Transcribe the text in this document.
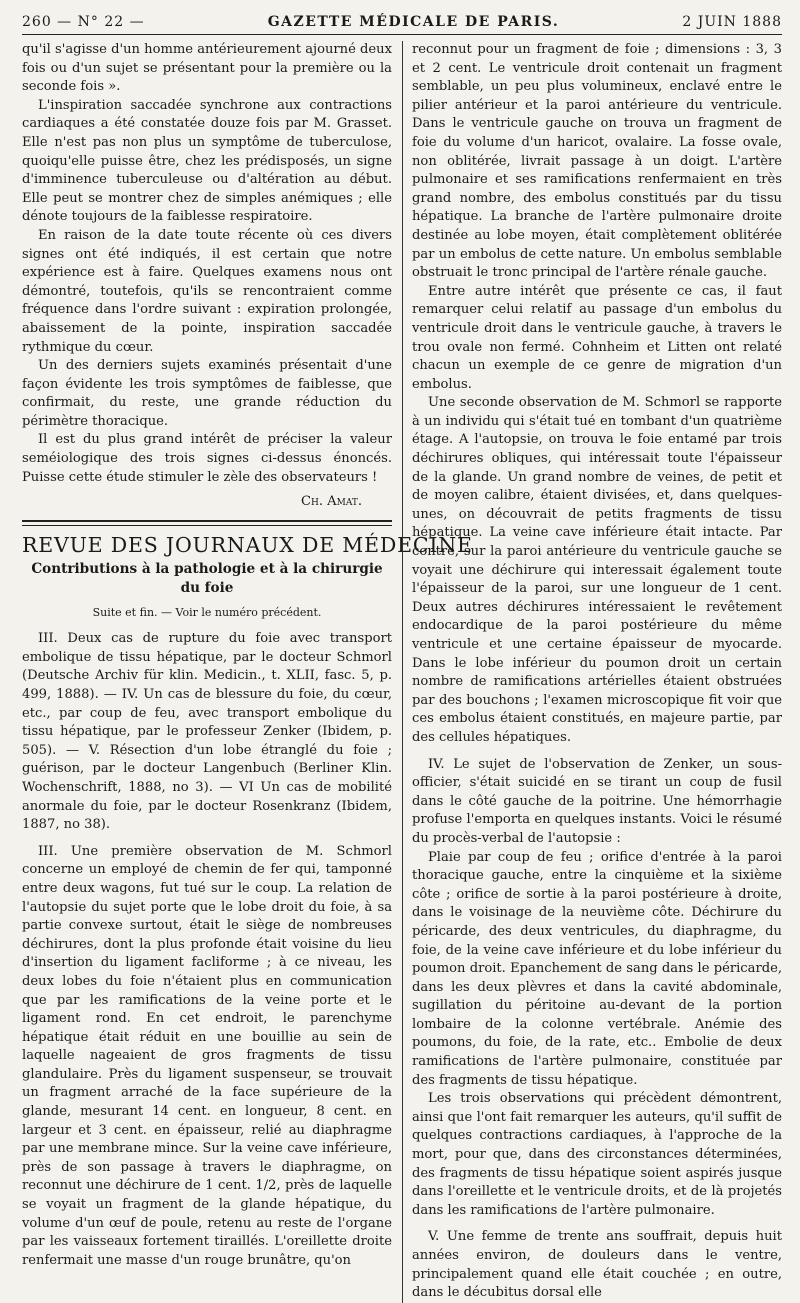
260 — N° 22 —	GAZETTE MÉDICALE DE PARIS.	2 JUIN 1888

qu'il s'agisse d'un homme antérieurement ajourné deux fois ou d'un sujet se présentant pour la première ou la seconde fois ».

L'inspiration saccadée synchrone aux contractions cardiaques a été constatée douze fois par M. Grasset. Elle n'est pas non plus un symptôme de tuberculose, quoiqu'elle puisse être, chez les prédisposés, un signe d'imminence tuberculeuse ou d'altération au début. Elle peut se montrer chez de simples anémiques ; elle dénote toujours de la faiblesse respiratoire.

En raison de la date toute récente où ces divers signes ont été indiqués, il est certain que notre expérience est à faire. Quelques examens nous ont démontré, toutefois, qu'ils se rencontraient comme fréquence dans l'ordre suivant : expiration prolongée, abaissement de la pointe, inspiration saccadée rythmique du cœur.

Un des derniers sujets examinés présentait d'une façon évidente les trois symptômes de faiblesse, que confirmait, du reste, une grande réduction du périmètre thoracique.

Il est du plus grand intérêt de préciser la valeur seméiologique des trois signes ci-dessus énoncés. Puisse cette étude stimuler le zèle des observateurs !

Ch. Amat.
REVUE DES JOURNAUX DE MÉDECINE
Contributions à la pathologie et à la chirurgie du foie
Suite et fin. — Voir le numéro précédent.

III. Deux cas de rupture du foie avec transport embolique de tissu hépatique, par le docteur Schmorl (Deutsche Archiv für klin. Medicin., t. XLII, fasc. 5, p. 499, 1888). — IV. Un cas de blessure du foie, du cœur, etc., par coup de feu, avec transport embolique du tissu hépatique, par le professeur Zenker (Ibidem, p. 505). — V. Résection d'un lobe étranglé du foie ; guérison, par le docteur Langenbuch (Berliner Klin. Wochenschrift, 1888, no 3). — VI Un cas de mobilité anormale du foie, par le docteur Rosenkranz (Ibidem, 1887, no 38).

III. Une première observation de M. Schmorl concerne un employé de chemin de fer qui, tamponné entre deux wagons, fut tué sur le coup. La relation de l'autopsie du sujet porte que le lobe droit du foie, à sa partie convexe surtout, était le siège de nombreuses déchirures, dont la plus profonde était voisine du lieu d'insertion du ligament facliforme ; à ce niveau, les deux lobes du foie n'étaient plus en communication que par les ramifications de la veine porte et le ligament rond. En cet endroit, le parenchyme hépatique était réduit en une bouillie au sein de laquelle nageaient de gros fragments de tissu glandulaire. Près du ligament suspenseur, se trouvait un fragment arraché de la face supérieure de la glande, mesurant 14 cent. en longueur, 8 cent. en largeur et 3 cent. en épaisseur, relié au diaphragme par une membrane mince. Sur la veine cave inférieure, près de son passage à travers le diaphragme, on reconnut une déchirure de 1 cent. 1/2, près de laquelle se voyait un fragment de la glande hépatique, du volume d'un œuf de poule, retenu au reste de l'organe par les vaisseaux fortement tiraillés. L'oreillette droite renfermait une masse d'un rouge brunâtre, qu'on

reconnut pour un fragment de foie ; dimensions : 3, 3 et 2 cent. Le ventricule droit contenait un fragment semblable, un peu plus volumineux, enclavé entre le pilier antérieur et la paroi antérieure du ventricule. Dans le ventricule gauche on trouva un fragment de foie du volume d'un haricot, ovalaire. La fosse ovale, non oblitérée, livrait passage à un doigt. L'artère pulmonaire et ses ramifications renfermaient en très grand nombre, des embolus constitués par du tissu hépatique. La branche de l'artère pulmonaire droite destinée au lobe moyen, était complètement oblitérée par un embolus de cette nature. Un embolus semblable obstruait le tronc principal de l'artère rénale gauche.

Entre autre intérêt que présente ce cas, il faut remarquer celui relatif au passage d'un embolus du ventricule droit dans le ventricule gauche, à travers le trou ovale non fermé. Cohnheim et Litten ont relaté chacun un exemple de ce genre de migration d'un embolus.

Une seconde observation de M. Schmorl se rapporte à un individu qui s'était tué en tombant d'un quatrième étage. A l'autopsie, on trouva le foie entamé par trois déchirures obliques, qui intéressait toute l'épaisseur de la glande. Un grand nombre de veines, de petit et de moyen calibre, étaient divisées, et, dans quelques-unes, on découvrait de petits fragments de tissu hépatique. La veine cave inférieure était intacte. Par contre, sur la paroi antérieure du ventricule gauche se voyait une déchirure qui interessait également toute l'épaisseur de la paroi, sur une longueur de 1 cent. Deux autres déchirures intéressaient le revêtement endocardique de la paroi postérieure du même ventricule et une certaine épaisseur de myocarde. Dans le lobe inférieur du poumon droit un certain nombre de ramifications artérielles étaient obstruées par des bouchons ; l'examen microscopique fit voir que ces embolus étaient constitués, en majeure partie, par des cellules hépatiques.

IV. Le sujet de l'observation de Zenker, un sous-officier, s'était suicidé en se tirant un coup de fusil dans le côté gauche de la poitrine. Une hémorrhagie profuse l'emporta en quelques instants. Voici le résumé du procès-verbal de l'autopsie :

Plaie par coup de feu ; orifice d'entrée à la paroi thoracique gauche, entre la cinquième et la sixième côte ; orifice de sortie à la paroi postérieure à droite, dans le voisinage de la neuvième côte. Déchirure du péricarde, des deux ventricules, du diaphragme, du foie, de la veine cave inférieure et du lobe inférieur du poumon droit. Epanchement de sang dans le péricarde, dans les deux plèvres et dans la cavité abdominale, sugillation du péritoine au-devant de la portion lombaire de la colonne vertébrale. Anémie des poumons, du foie, de la rate, etc.. Embolie de deux ramifications de l'artère pulmonaire, constituée par des fragments de tissu hépatique.

Les trois observations qui précèdent démontrent, ainsi que l'ont fait remarquer les auteurs, qu'il suffit de quelques contractions cardiaques, à l'approche de la mort, pour que, dans des circonstances déterminées, des fragments de tissu hépatique soient aspirés jusque dans l'oreillette et le ventricule droits, et de là projetés dans les ramifications de l'artère pulmonaire.

V. Une femme de trente ans souffrait, depuis huit années environ, de douleurs dans le ventre, principalement quand elle était couchée ; en outre, dans le décubitus dorsal elle
